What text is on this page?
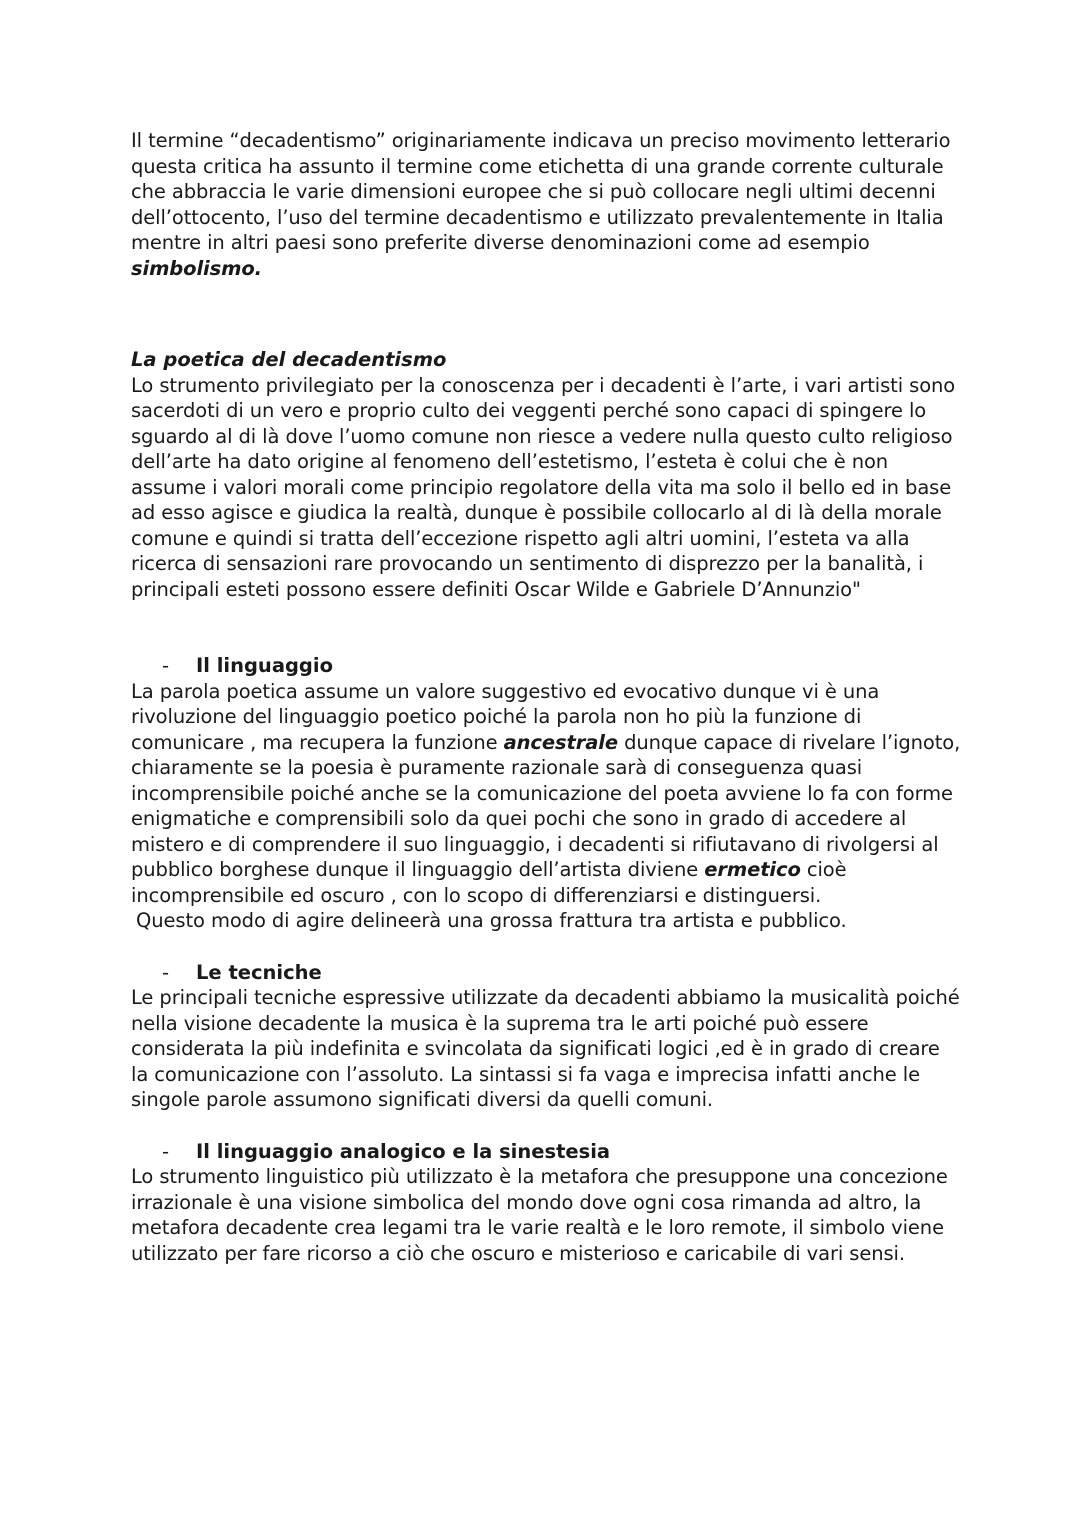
Il termine “decadentismo” originariamente indicava un preciso movimento letterario questa critica ha assunto il termine come etichetta di una grande corrente culturale che abbraccia le varie dimensioni europee che si può collocare negli ultimi decenni dell’ottocento, l’uso del termine decadentismo e utilizzato prevalentemente in Italia mentre in altri paesi sono preferite diverse denominazioni come ad esempio simbolismo.

La poetica del decadentismo

Lo strumento privilegiato per la conoscenza per i decadenti è l’arte, i vari artisti sono sacerdoti di un vero e proprio culto dei veggenti perché sono capaci di spingere lo sguardo al di là dove l’uomo comune non riesce a vedere nulla questo culto religioso dell’arte ha dato origine al fenomeno dell’estetismo, l’esteta è colui che è non assume i valori morali come principio regolatore della vita ma solo il bello ed in base ad esso agisce e giudica la realtà, dunque è possibile collocarlo al di là della morale comune e quindi si tratta dell’eccezione rispetto agli altri uomini, l’esteta va alla ricerca di sensazioni rare provocando un sentimento di disprezzo per la banalità, i principali esteti possono essere definiti Oscar Wilde e Gabriele D’Annunzio"

- Il linguaggio

La parola poetica assume un valore suggestivo ed evocativo dunque vi è una rivoluzione del linguaggio poetico poiché la parola non ho più la funzione di comunicare , ma recupera la funzione ancestrale dunque capace di rivelare l’ignoto, chiaramente se la poesia è puramente razionale sarà di conseguenza quasi incomprensibile poiché anche se la comunicazione del poeta avviene lo fa con forme enigmatiche e comprensibili solo da quei pochi che sono in grado di accedere al mistero e di comprendere il suo linguaggio, i decadenti si rifiutavano di rivolgersi al pubblico borghese dunque il linguaggio dell’artista diviene ermetico cioè incomprensibile ed oscuro , con lo scopo di differenziarsi e distinguersi.

Questo modo di agire delineerà una grossa frattura tra artista e pubblico.

- Le tecniche

Le principali tecniche espressive utilizzate da decadenti abbiamo la musicalità poiché nella visione decadente la musica è la suprema tra le arti poiché può essere considerata la più indefinita e svincolata da significati logici ,ed è in grado di creare la comunicazione con l’assoluto. La sintassi si fa vaga e imprecisa infatti anche le singole parole assumono significati diversi da quelli comuni.

- Il linguaggio analogico e la sinestesia

Lo strumento linguistico più utilizzato è la metafora che presuppone una concezione irrazionale è una visione simbolica del mondo dove ogni cosa rimanda ad altro, la metafora decadente crea legami tra le varie realtà e le loro remote, il simbolo viene utilizzato per fare ricorso a ciò che oscuro e misterioso e caricabile di vari sensi.
